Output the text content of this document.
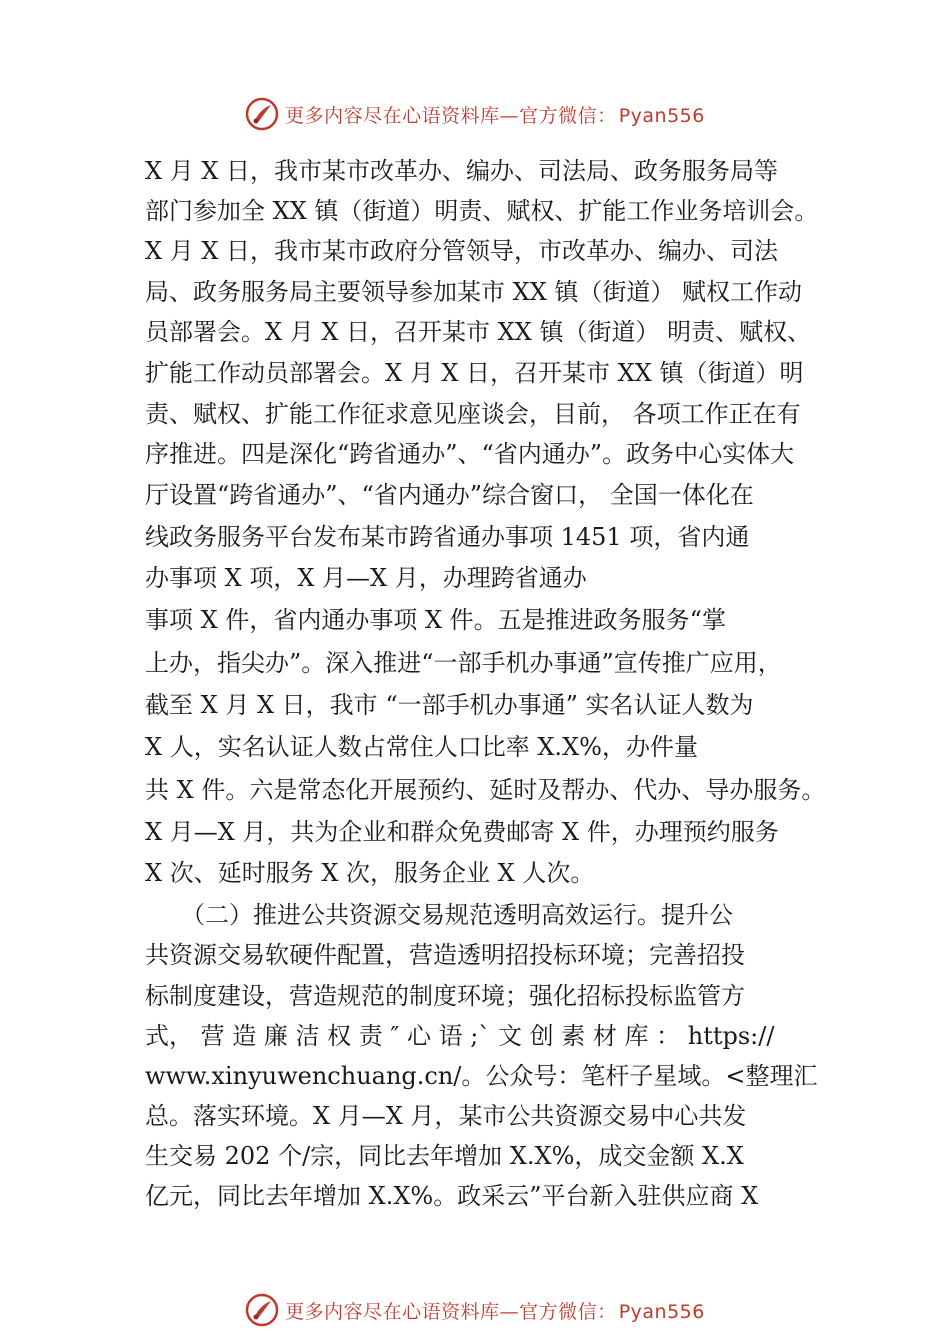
更多内容尽在心语资料库—官方微信： Pyan556
X 月 X 日，我市某市改革办、编办、司法局、政务服务局等
部门参加全 XX 镇（街道）明责、赋权、扩能工作业务培训会。
X 月 X 日，我市某市政府分管领导，市改革办、编办、司法
局、政务服务局主要领导参加某市 XX 镇（街道） 赋权工作动
员部署会。X 月 X 日，召开某市 XX 镇（街道） 明责、赋权、
扩能工作动员部署会。X 月 X 日，召开某市 XX 镇（街道）明
责、赋权、扩能工作征求意见座谈会，目前， 各项工作正在有
序推进。四是深化“跨省通办”、“省内通办”。政务中心实体大
厅设置“跨省通办”、“省内通办”综合窗口， 全国一体化在
线政务服务平台发布某市跨省通办事项 1451 项，省内通
办事项 X 项，X 月—X 月，办理跨省通办
事项 X 件，省内通办事项 X 件。五是推进政务服务“掌
上办，指尖办”。深入推进“一部手机办事通”宣传推广应用，
截至 X 月 X 日，我市 “一部手机办事通” 实名认证人数为
X 人，实名认证人数占常住人口比率 X.X%，办件量
共 X 件。六是常态化开展预约、延时及帮办、代办、导办服务。
X 月—X 月，共为企业和群众免费邮寄 X 件，办理预约服务
X 次、延时服务 X 次，服务企业 X 人次。
　　（二）推进公共资源交易规范透明高效运行。提升公
共资源交易软硬件配置，营造透明招投标环境；完善招投
标制度建设，营造规范的制度环境；强化招标投标监管方
式， 营 造 廉 洁 权 责 ″ 心 语 ;` 文 创 素 材 库 ： https://
www.xinyuwenchuang.cn/。公众号：笔杆子星域。<整理汇
总。落实环境。X 月—X 月，某市公共资源交易中心共发
生交易 202 个/宗，同比去年增加 X.X%，成交金额 X.X
亿元，同比去年增加 X.X%。政采云”平台新入驻供应商 X
更多内容尽在心语资料库—官方微信： Pyan556
